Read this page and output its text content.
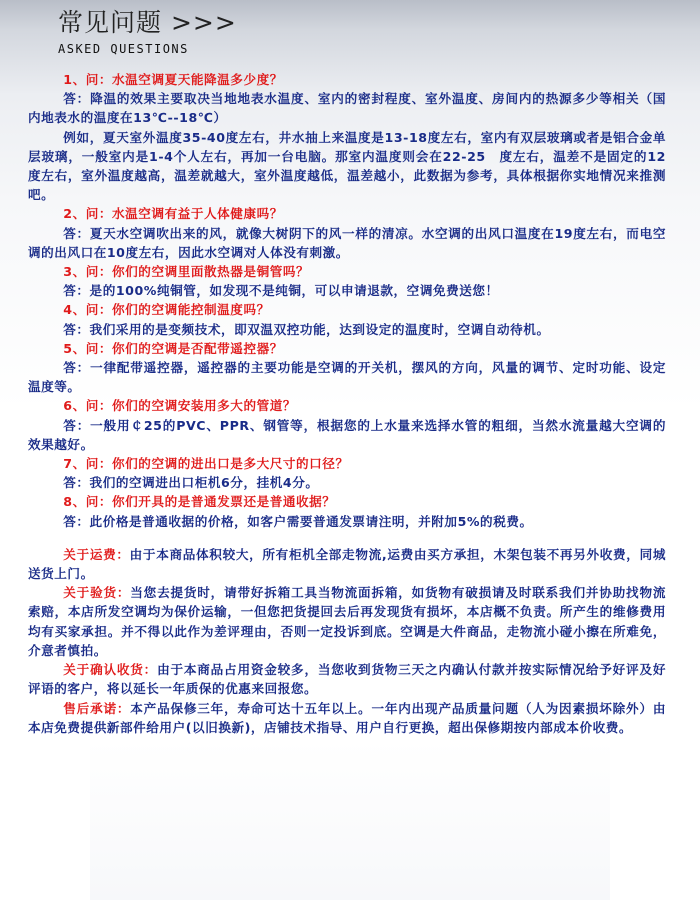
常见问题 >>>
ASKED QUESTIONS

1、问：水温空调夏天能降温多少度？

答：降温的效果主要取决当地地表水温度、室内的密封程度、室外温度、房间内的热源多少等相关（国内地表水的温度在13℃--18℃）

例如，夏天室外温度35-40度左右，井水抽上来温度是13-18度左右，室内有双层玻璃或者是铝合金单层玻璃，一般室内是1-4个人左右，再加一台电脑。那室内温度则会在22-25　度左右，温差不是固定的12度左右，室外温度越高，温差就越大，室外温度越低，温差越小，此数据为参考，具体根据你实地情况来推测吧。

2、问：水温空调有益于人体健康吗？

答：夏天水空调吹出来的风，就像大树阴下的风一样的清凉。水空调的出风口温度在19度左右，而电空调的出风口在10度左右，因此水空调对人体没有刺激。

3、问：你们的空调里面散热器是铜管吗？

答：是的100%纯铜管，如发现不是纯铜，可以申请退款，空调免费送您！

4、问：你们的空调能控制温度吗？

答：我们采用的是变频技术，即双温双控功能，达到设定的温度时，空调自动待机。

5、问：你们的空调是否配带遥控器？

答：一律配带遥控器，遥控器的主要功能是空调的开关机，摆风的方向，风量的调节、定时功能、设定温度等。

6、问：你们的空调安装用多大的管道？

答：一般用￠25的PVC、PPR、钢管等，根据您的上水量来选择水管的粗细，当然水流量越大空调的效果越好。

7、问：你们的空调的进出口是多大尺寸的口径？

答：我们的空调进出口柜机6分，挂机4分。

8、问：你们开具的是普通发票还是普通收据？

答：此价格是普通收据的价格，如客户需要普通发票请注明，并附加5%的税费。

关于运费：由于本商品体积较大，所有柜机全部走物流,运费由买方承担，木架包装不再另外收费，同城送货上门。

关于验货：当您去提货时，请带好拆箱工具当物流面拆箱，如货物有破损请及时联系我们并协助找物流索赔，本店所发空调均为保价运输，一但您把货提回去后再发现货有损坏，本店概不负责。所产生的维修费用均有买家承担。并不得以此作为差评理由，否则一定投诉到底。空调是大件商品，走物流小碰小擦在所难免，介意者慎拍。

关于确认收货：由于本商品占用资金较多，当您收到货物三天之内确认付款并按实际情况给予好评及好评语的客户，将以延长一年质保的优惠来回报您。

售后承诺：本产品保修三年，寿命可达十五年以上。一年内出现产品质量问题（人为因素损坏除外）由本店免费提供新部件给用户(以旧换新)，店铺技术指导、用户自行更换，超出保修期按内部成本价收费。
